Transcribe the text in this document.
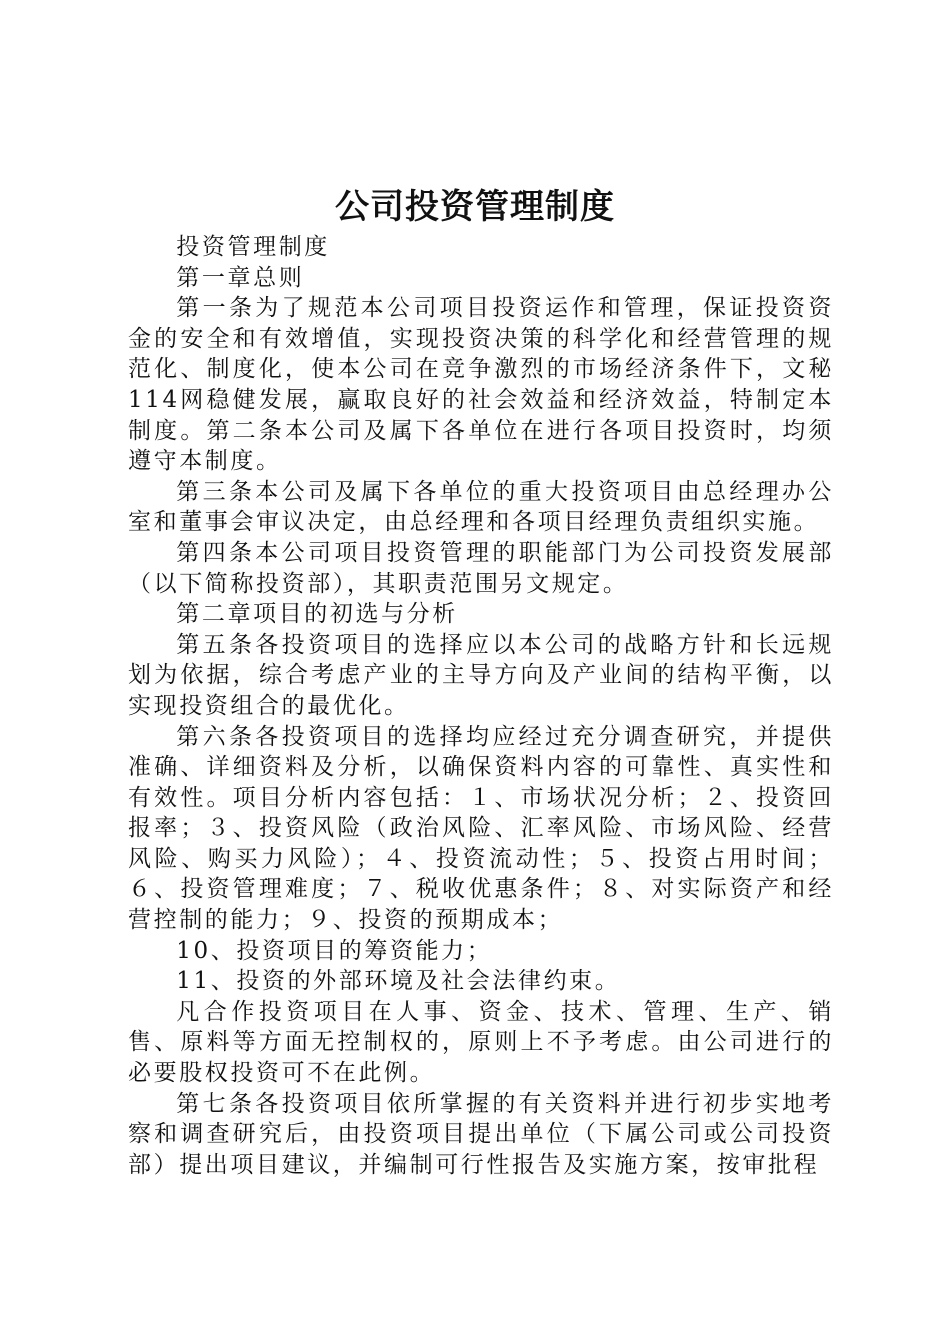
公司投资管理制度

投资管理制度

第一章总则

第一条为了规范本公司项目投资运作和管理，保证投资资金的安全和有效增值，实现投资决策的科学化和经营管理的规范化、制度化，使本公司在竞争激烈的市场经济条件下，文秘114网稳健发展，赢取良好的社会效益和经济效益，特制定本制度。第二条本公司及属下各单位在进行各项目投资时，均须遵守本制度。

第三条本公司及属下各单位的重大投资项目由总经理办公室和董事会审议决定，由总经理和各项目经理负责组织实施。

第四条本公司项目投资管理的职能部门为公司投资发展部（以下简称投资部），其职责范围另文规定。

第二章项目的初选与分析

第五条各投资项目的选择应以本公司的战略方针和长远规划为依据，综合考虑产业的主导方向及产业间的结构平衡，以实现投资组合的最优化。

第六条各投资项目的选择均应经过充分调查研究，并提供准确、详细资料及分析，以确保资料内容的可靠性、真实性和有效性。项目分析内容包括：１、市场状况分析；２、投资回报率；３、投资风险（政治风险、汇率风险、市场风险、经营风险、购买力风险）；４、投资流动性；５、投资占用时间；６、投资管理难度；７、税收优惠条件；８、对实际资产和经营控制的能力；９、投资的预期成本；

10、投资项目的筹资能力；

11、投资的外部环境及社会法律约束。

凡合作投资项目在人事、资金、技术、管理、生产、销售、原料等方面无控制权的，原则上不予考虑。由公司进行的必要股权投资可不在此例。

第七条各投资项目依所掌握的有关资料并进行初步实地考察和调查研究后，由投资项目提出单位（下属公司或公司投资部）提出项目建议，并编制可行性报告及实施方案，按审批程
